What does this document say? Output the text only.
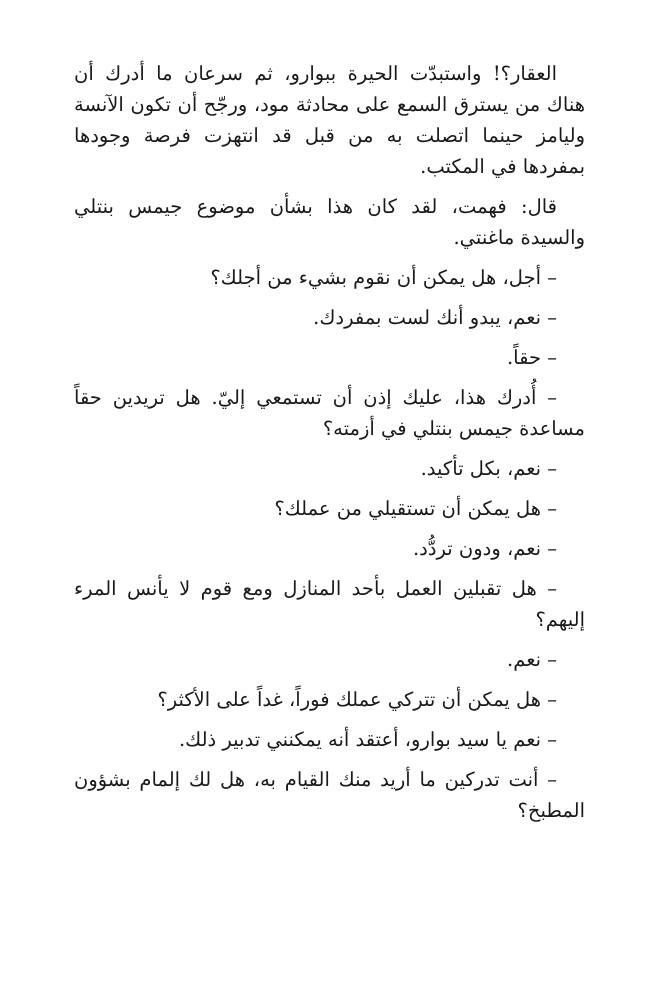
العقار؟! واستبدّت الحيرة ببوارو، ثم سرعان ما أدرك أن هناك من يسترق السمع على محادثة مود، ورجّح أن تكون الآنسة وليامز حينما اتصلت به من قبل قد انتهزت فرصة وجودها بمفردها في المكتب.

قال: فهمت، لقد كان هذا بشأن موضوع جيمس بنتلي والسيدة ماغنتي.

– أجل، هل يمكن أن نقوم بشيء من أجلك؟

– نعم، يبدو أنك لست بمفردك.

– حقاً.

– أُدرك هذا، عليك إذن أن تستمعي إليّ. هل تريدين حقاً مساعدة جيمس بنتلي في أزمته؟

– نعم، بكل تأكيد.

– هل يمكن أن تستقيلي من عملك؟

– نعم، ودون تردُّد.

– هل تقبلين العمل بأحد المنازل ومع قوم لا يأنس المرء إليهم؟

– نعم.

– هل يمكن أن تتركي عملك فوراً، غداً على الأكثر؟

– نعم يا سيد بوارو، أعتقد أنه يمكنني تدبير ذلك.

– أنت تدركين ما أريد منك القيام به، هل لك إلمام بشؤون المطبخ؟
